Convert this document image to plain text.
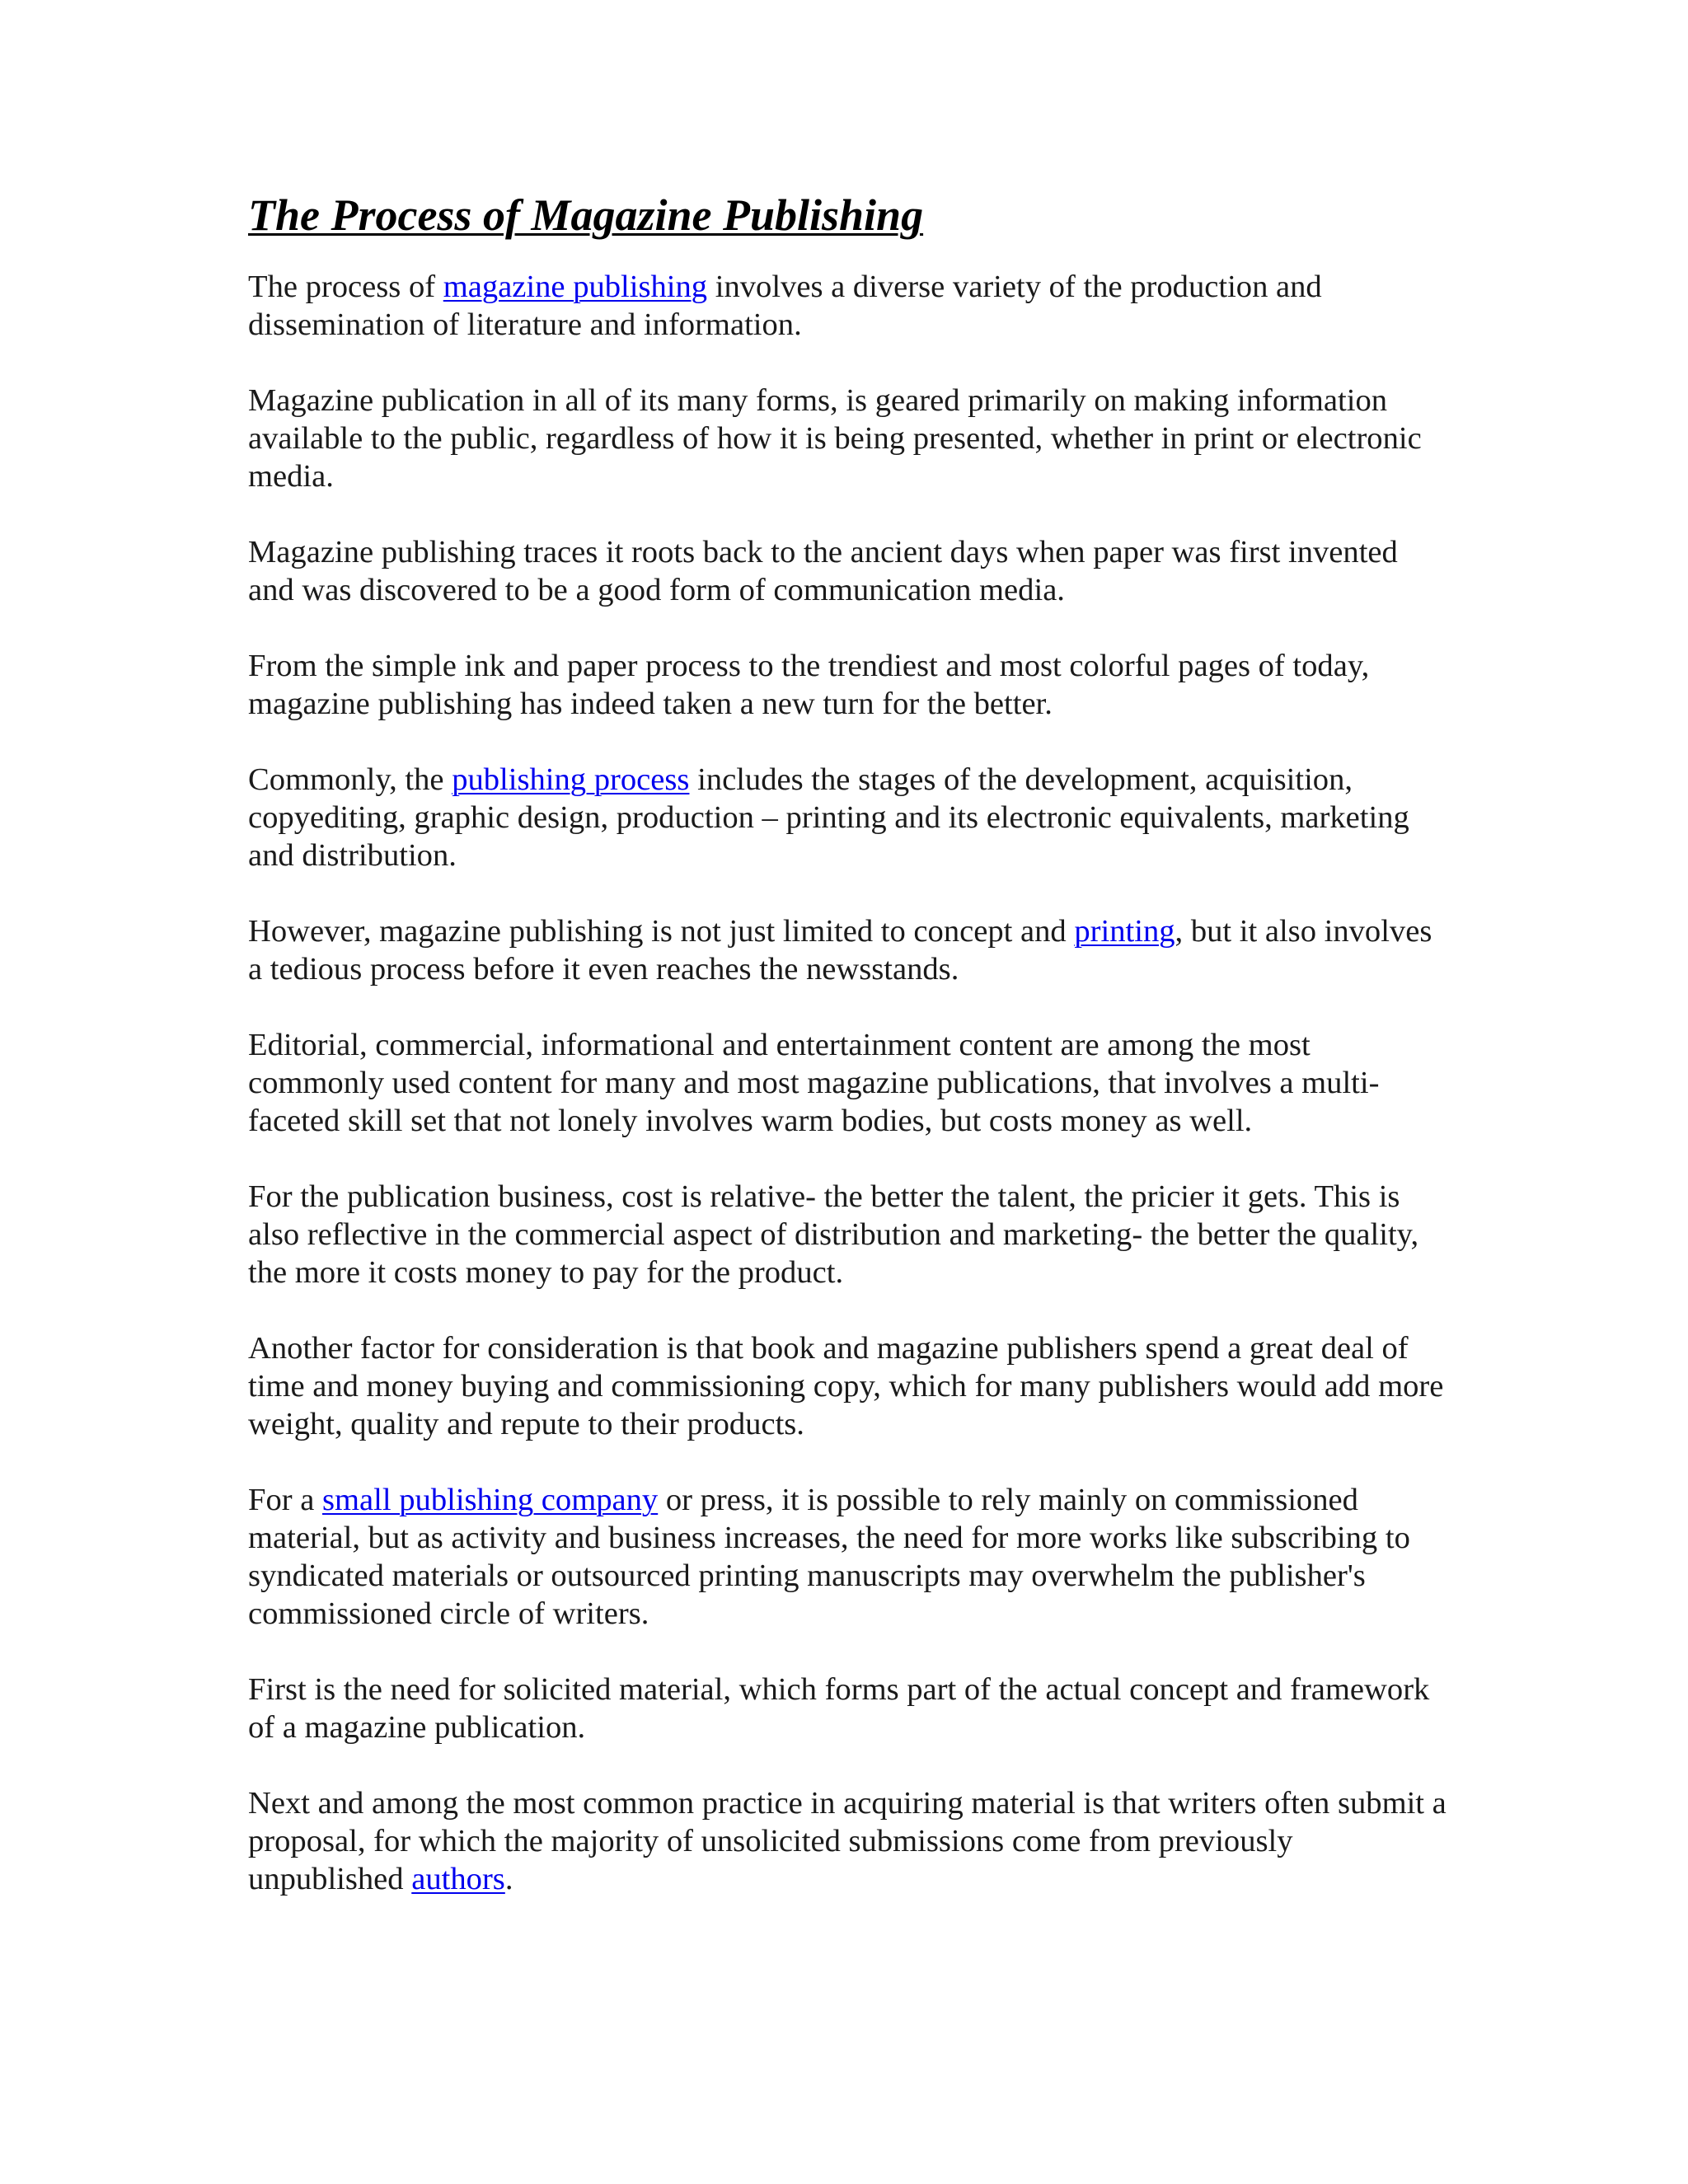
The Process of Magazine Publishing

The process of magazine publishing involves a diverse variety of the production and dissemination of literature and information.

Magazine publication in all of its many forms, is geared primarily on making information available to the public, regardless of how it is being presented, whether in print or electronic media.

Magazine publishing traces it roots back to the ancient days when paper was first invented and was discovered to be a good form of communication media.

From the simple ink and paper process to the trendiest and most colorful pages of today, magazine publishing has indeed taken a new turn for the better.

Commonly, the publishing process includes the stages of the development, acquisition, copyediting, graphic design, production – printing and its electronic equivalents, marketing and distribution.

However, magazine publishing is not just limited to concept and printing, but it also involves a tedious process before it even reaches the newsstands.

Editorial, commercial, informational and entertainment content are among the most commonly used content for many and most magazine publications, that involves a multi-faceted skill set that not lonely involves warm bodies, but costs money as well.

For the publication business, cost is relative- the better the talent, the pricier it gets. This is also reflective in the commercial aspect of distribution and marketing- the better the quality, the more it costs money to pay for the product.

Another factor for consideration is that book and magazine publishers spend a great deal of time and money buying and commissioning copy, which for many publishers would add more weight, quality and repute to their products.

For a small publishing company or press, it is possible to rely mainly on commissioned material, but as activity and business increases, the need for more works like subscribing to syndicated materials or outsourced printing manuscripts may overwhelm the publisher's commissioned circle of writers.

First is the need for solicited material, which forms part of the actual concept and framework of a magazine publication.

Next and among the most common practice in acquiring material is that writers often submit a proposal, for which the majority of unsolicited submissions come from previously unpublished authors.
